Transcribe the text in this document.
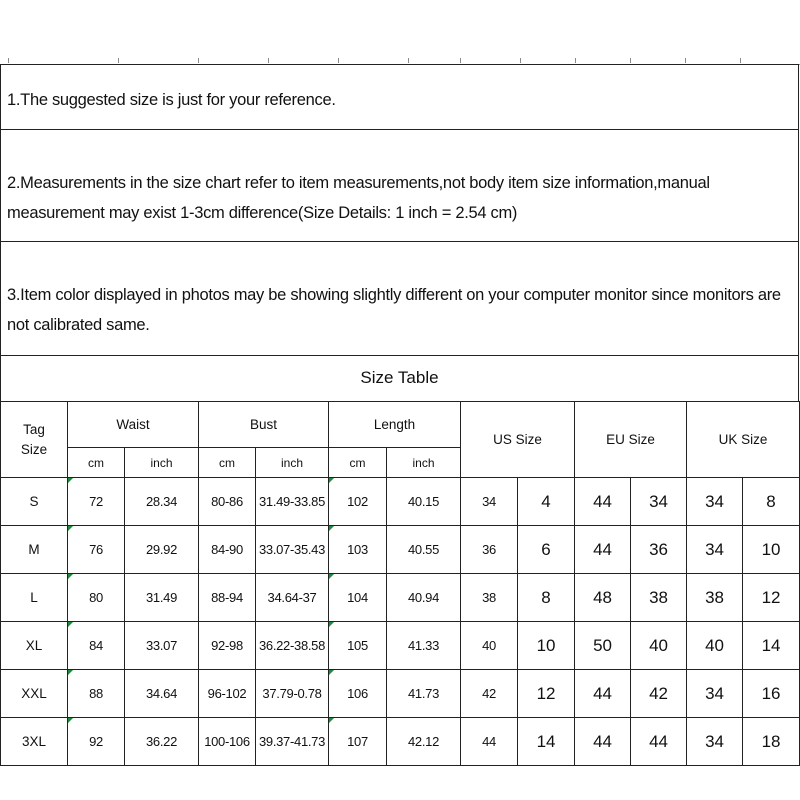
1.The suggested size is just for your reference.
2.Measurements in the size chart refer to item measurements,not body item size information,manual measurement may exist 1-3cm difference(Size Details: 1 inch = 2.54 cm)
3.Item color displayed in photos may be showing slightly different on your computer monitor since monitors are not calibrated same.
Size Table
Tag
Size	Waist		Bust		Length		US Size		EU Size		UK Size	
	cm	inch	cm	inch	cm	inch						
S	72	28.34	80-86	31.49-33.85	102	40.15	34	4	44	34	34	8
M	76	29.92	84-90	33.07-35.43	103	40.55	36	6	44	36	34	10
L	80	31.49	88-94	34.64-37	104	40.94	38	8	48	38	38	12
XL	84	33.07	92-98	36.22-38.58	105	41.33	40	10	50	40	40	14
XXL	88	34.64	96-102	37.79-0.78	106	41.73	42	12	44	42	34	16
3XL	92	36.22	100-106	39.37-41.73	107	42.12	44	14	44	44	34	18
